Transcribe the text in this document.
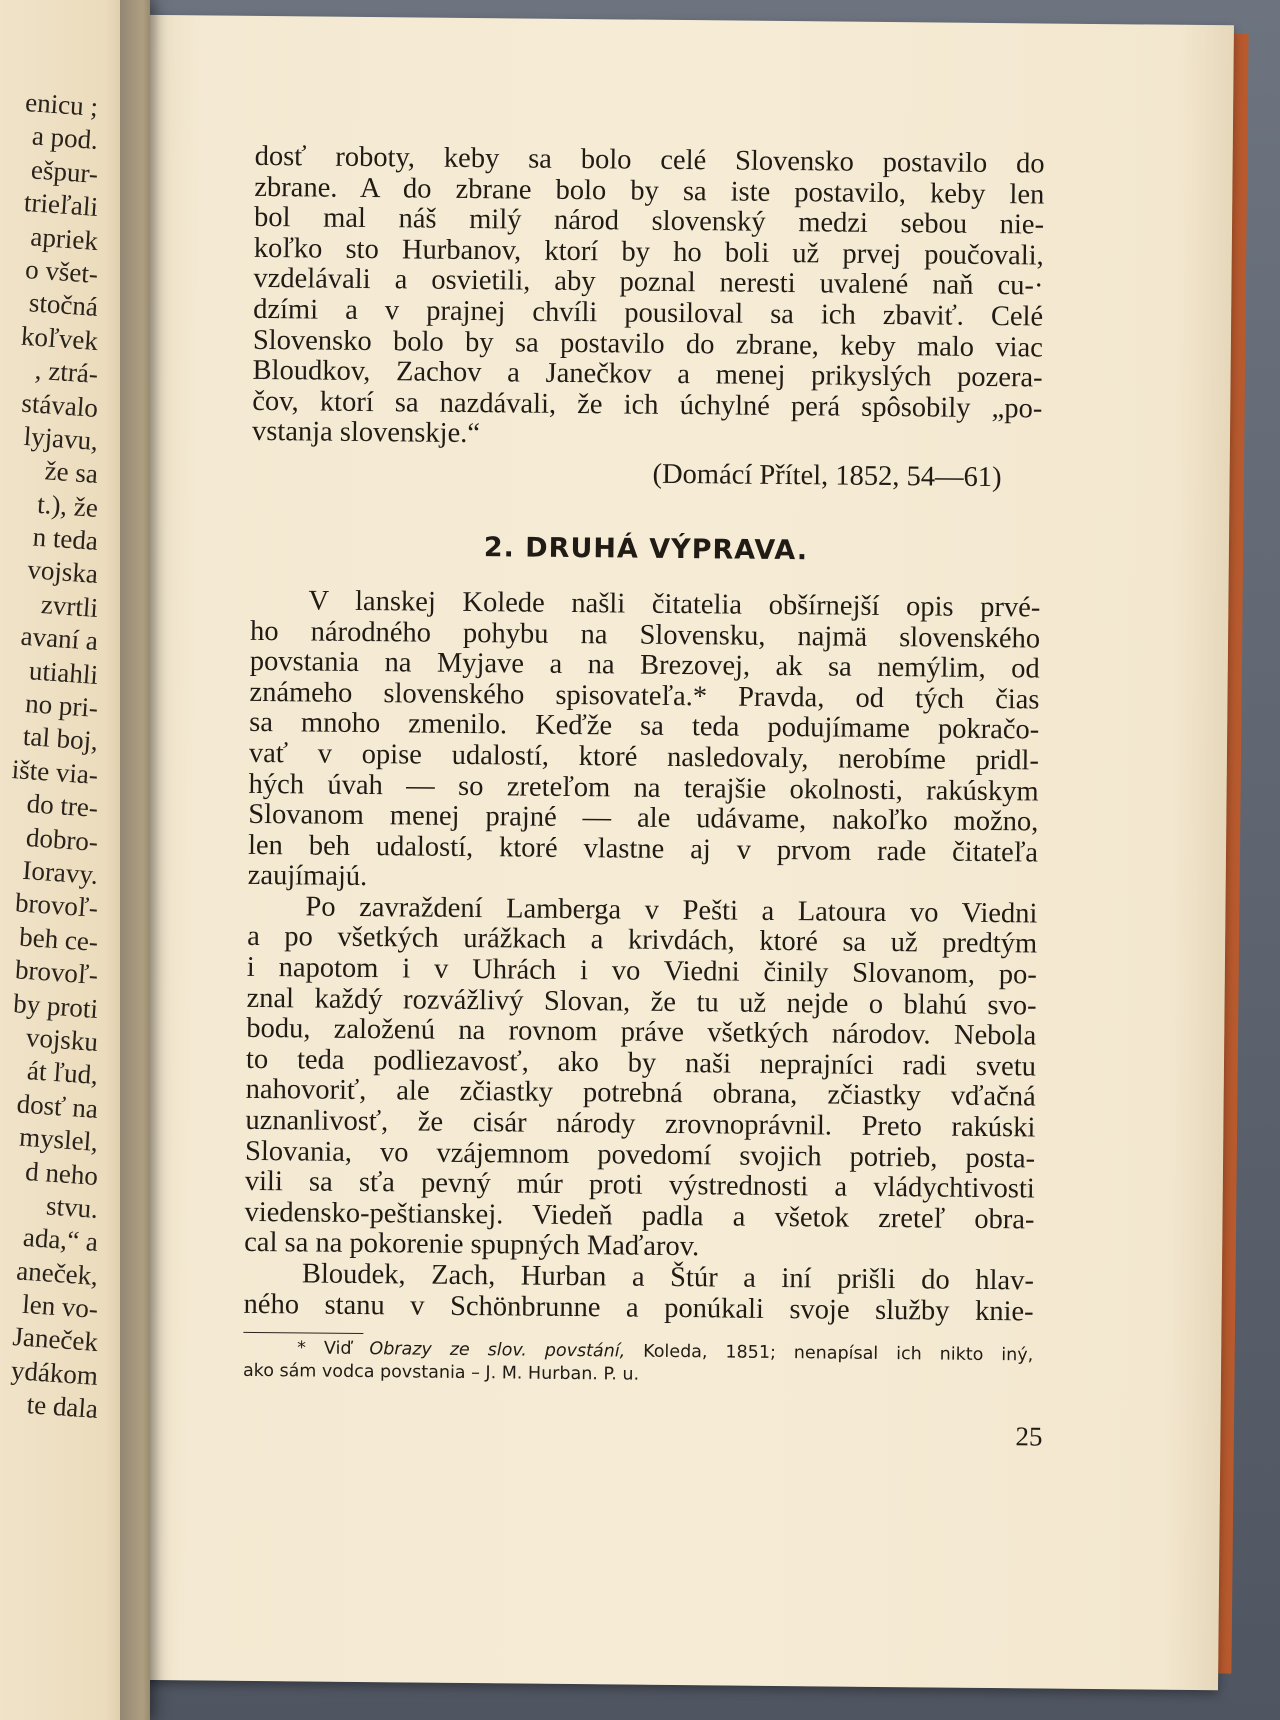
dosť roboty, keby sa bolo celé Slovensko postavilo do
zbrane. A do zbrane bolo by sa iste postavilo, keby len
bol mal náš milý národ slovenský medzi sebou nie-
koľko sto Hurbanov, ktorí by ho boli už prvej poučovali,
vzdelávali a osvietili, aby poznal neresti uvalené naň cu-·
dzími a v prajnej chvíli pousiloval sa ich zbaviť. Celé
Slovensko bolo by sa postavilo do zbrane, keby malo viac
Bloudkov, Zachov a Janečkov a menej prikyslých pozera-
čov, ktorí sa nazdávali, že ich úchylné perá spôsobily „po-
vstanja slovenskje.“
(Domácí Přítel, 1852, 54—61)
2. DRUHÁ VÝPRAVA.
V lanskej Kolede našli čitatelia obšírnejší opis prvé-
ho národného pohybu na Slovensku, najmä slovenského
povstania na Myjave a na Brezovej, ak sa nemýlim, od
známeho slovenského spisovateľa.* Pravda, od tých čias
sa mnoho zmenilo. Keďže sa teda podujímame pokračo-
vať v opise udalostí, ktoré nasledovaly, nerobíme pridl-
hých úvah — so zreteľom na terajšie okolnosti, rakúskym
Slovanom menej prajné — ale udávame, nakoľko možno,
len beh udalostí, ktoré vlastne aj v prvom rade čitateľa
zaujímajú.
Po zavraždení Lamberga v Pešti a Latoura vo Viedni
a po všetkých urážkach a krivdách, ktoré sa už predtým
i napotom i v Uhrách i vo Viedni činily Slovanom, po-
znal každý rozvážlivý Slovan, že tu už nejde o blahú svo-
bodu, založenú na rovnom práve všetkých národov. Nebola
to teda podliezavosť, ako by naši neprajníci radi svetu
nahovoriť, ale zčiastky potrebná obrana, zčiastky vďačná
uznanlivosť, že cisár národy zrovnoprávnil. Preto rakúski
Slovania, vo vzájemnom povedomí svojich potrieb, posta-
vili sa sťa pevný múr proti výstrednosti a vládychtivosti
viedensko-peštianskej. Viedeň padla a všetok zreteľ obra-
cal sa na pokorenie spupných Maďarov.
Bloudek, Zach, Hurban a Štúr a iní prišli do hlav-
ného stanu v Schönbrunne a ponúkali svoje služby knie-
* Viď Obrazy ze slov. povstání, Koleda, 1851; nenapísal ich nikto iný,
ako sám vodca povstania – J. M. Hurban. P. u.
25
enicu ;
a pod.
ešpur-
trieľali
apriek
o všet-
stočná
koľvek
, ztrá-
stávalo
lyjavu,
že sa
t.), že
n teda
vojska
zvrtli
avaní a
utiahli
no pri-
tal boj,
ište via-
do tre-
dobro-
Ioravy.
brovoľ-
beh ce-
brovoľ-
by proti
vojsku
át ľud,
dosť na
myslel,
d neho
stvu.
ada,“ a
aneček,
len vo-
Janeček
ydákom
te dala
